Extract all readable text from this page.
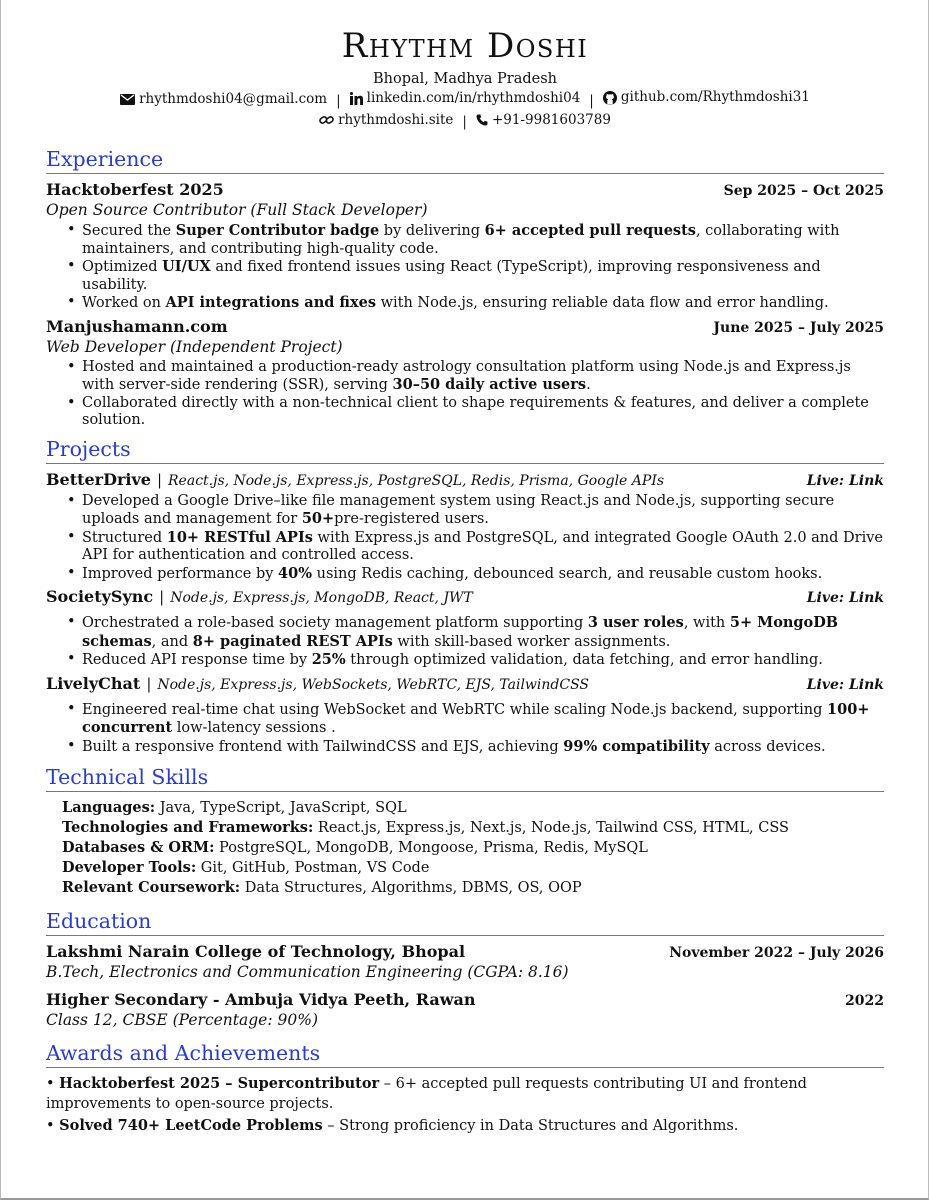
Rhythm Doshi
Bhopal, Madhya Pradesh
rhythmdoshi04@gmail.com | linkedin.com/in/rhythmdoshi04 | github.com/Rhythmdoshi31
rhythmdoshi.site | +91-9981603789
Experience
Hacktoberfest 2025	Sep 2025 – Oct 2025
Open Source Contributor (Full Stack Developer)
• Secured the Super Contributor badge by delivering 6+ accepted pull requests, collaborating with maintainers, and contributing high-quality code.
• Optimized UI/UX and fixed frontend issues using React (TypeScript), improving responsiveness and usability.
• Worked on API integrations and fixes with Node.js, ensuring reliable data flow and error handling.
Manjushamann.com	June 2025 – July 2025
Web Developer (Independent Project)
• Hosted and maintained a production-ready astrology consultation platform using Node.js and Express.js with server-side rendering (SSR), serving 30–50 daily active users.
• Collaborated directly with a non-technical client to shape requirements & features, and deliver a complete solution.
Projects
BetterDrive | React.js, Node.js, Express.js, PostgreSQL, Redis, Prisma, Google APIs	Live: Link
• Developed a Google Drive–like file management system using React.js and Node.js, supporting secure uploads and management for 50+pre-registered users.
• Structured 10+ RESTful APIs with Express.js and PostgreSQL, and integrated Google OAuth 2.0 and Drive API for authentication and controlled access.
• Improved performance by 40% using Redis caching, debounced search, and reusable custom hooks.
SocietySync | Node.js, Express.js, MongoDB, React, JWT	Live: Link
• Orchestrated a role-based society management platform supporting 3 user roles, with 5+ MongoDB schemas, and 8+ paginated REST APIs with skill-based worker assignments.
• Reduced API response time by 25% through optimized validation, data fetching, and error handling.
LivelyChat | Node.js, Express.js, WebSockets, WebRTC, EJS, TailwindCSS	Live: Link
• Engineered real-time chat using WebSocket and WebRTC while scaling Node.js backend, supporting 100+ concurrent low-latency sessions .
• Built a responsive frontend with TailwindCSS and EJS, achieving 99% compatibility across devices.
Technical Skills
Languages: Java, TypeScript, JavaScript, SQL
Technologies and Frameworks: React.js, Express.js, Next.js, Node.js, Tailwind CSS, HTML, CSS
Databases & ORM: PostgreSQL, MongoDB, Mongoose, Prisma, Redis, MySQL
Developer Tools: Git, GitHub, Postman, VS Code
Relevant Coursework: Data Structures, Algorithms, DBMS, OS, OOP
Education
Lakshmi Narain College of Technology, Bhopal	November 2022 – July 2026
B.Tech, Electronics and Communication Engineering (CGPA: 8.16)
Higher Secondary - Ambuja Vidya Peeth, Rawan	2022
Class 12, CBSE (Percentage: 90%)
Awards and Achievements
• Hacktoberfest 2025 – Supercontributor – 6+ accepted pull requests contributing UI and frontend improvements to open-source projects.
• Solved 740+ LeetCode Problems – Strong proficiency in Data Structures and Algorithms.
